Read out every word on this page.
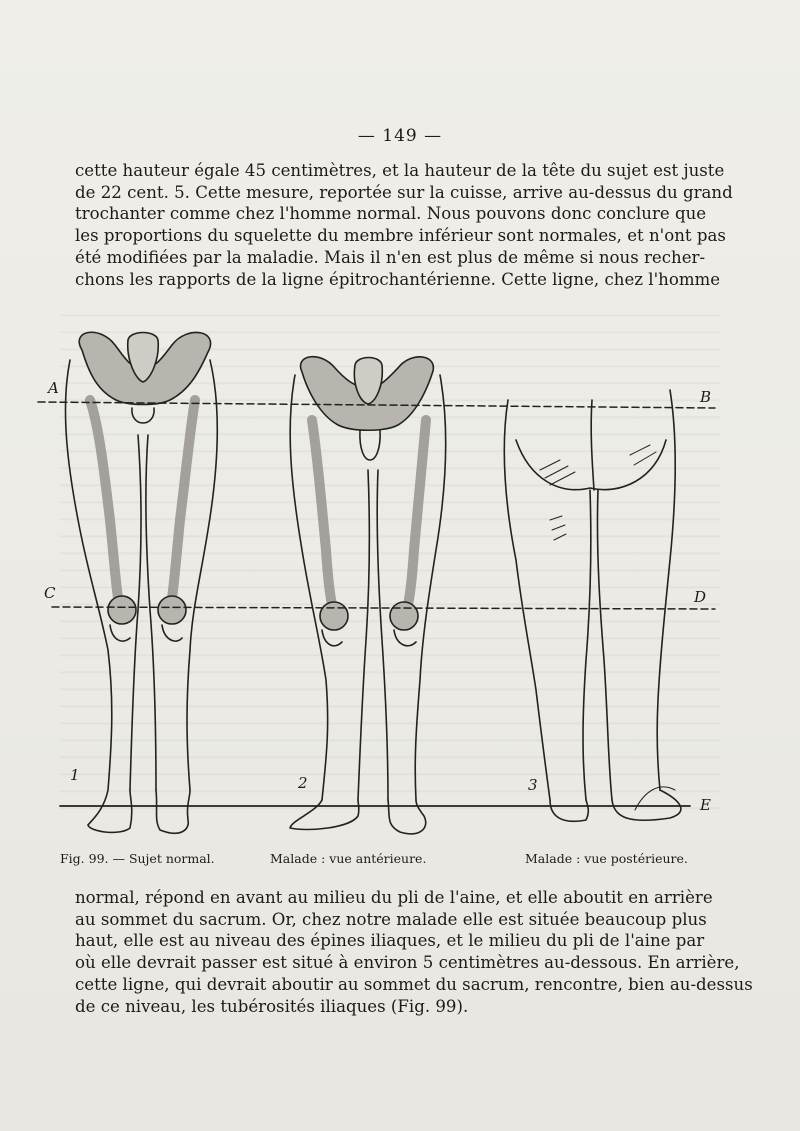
— 149 —

cette hauteur égale 45 centimètres, et la hauteur de la tête du sujet est juste
de 22 cent. 5. Cette mesure, reportée sur la cuisse, arrive au-dessus du grand
trochanter comme chez l'homme normal. Nous pouvons donc conclure que
les proportions du squelette du membre inférieur sont normales, et n'ont pas
été modifiées par la maladie. Mais il n'en est plus de même si nous recher-
chons les rapports de la ligne épitrochantérienne. Cette ligne, chez l'homme

A	B
C	D
E
1	2	3
Fig. 99. — Sujet normal.	Malade : vue antérieure.	Malade : vue postérieure.

normal, répond en avant au milieu du pli de l'aine, et elle aboutit en arrière
au sommet du sacrum. Or, chez notre malade elle est située beaucoup plus
haut, elle est au niveau des épines iliaques, et le milieu du pli de l'aine par
où elle devrait passer est situé à environ 5 centimètres au-dessous. En arrière,
cette ligne, qui devrait aboutir au sommet du sacrum, rencontre, bien au-dessus
de ce niveau, les tubérosités iliaques (Fig. 99).
